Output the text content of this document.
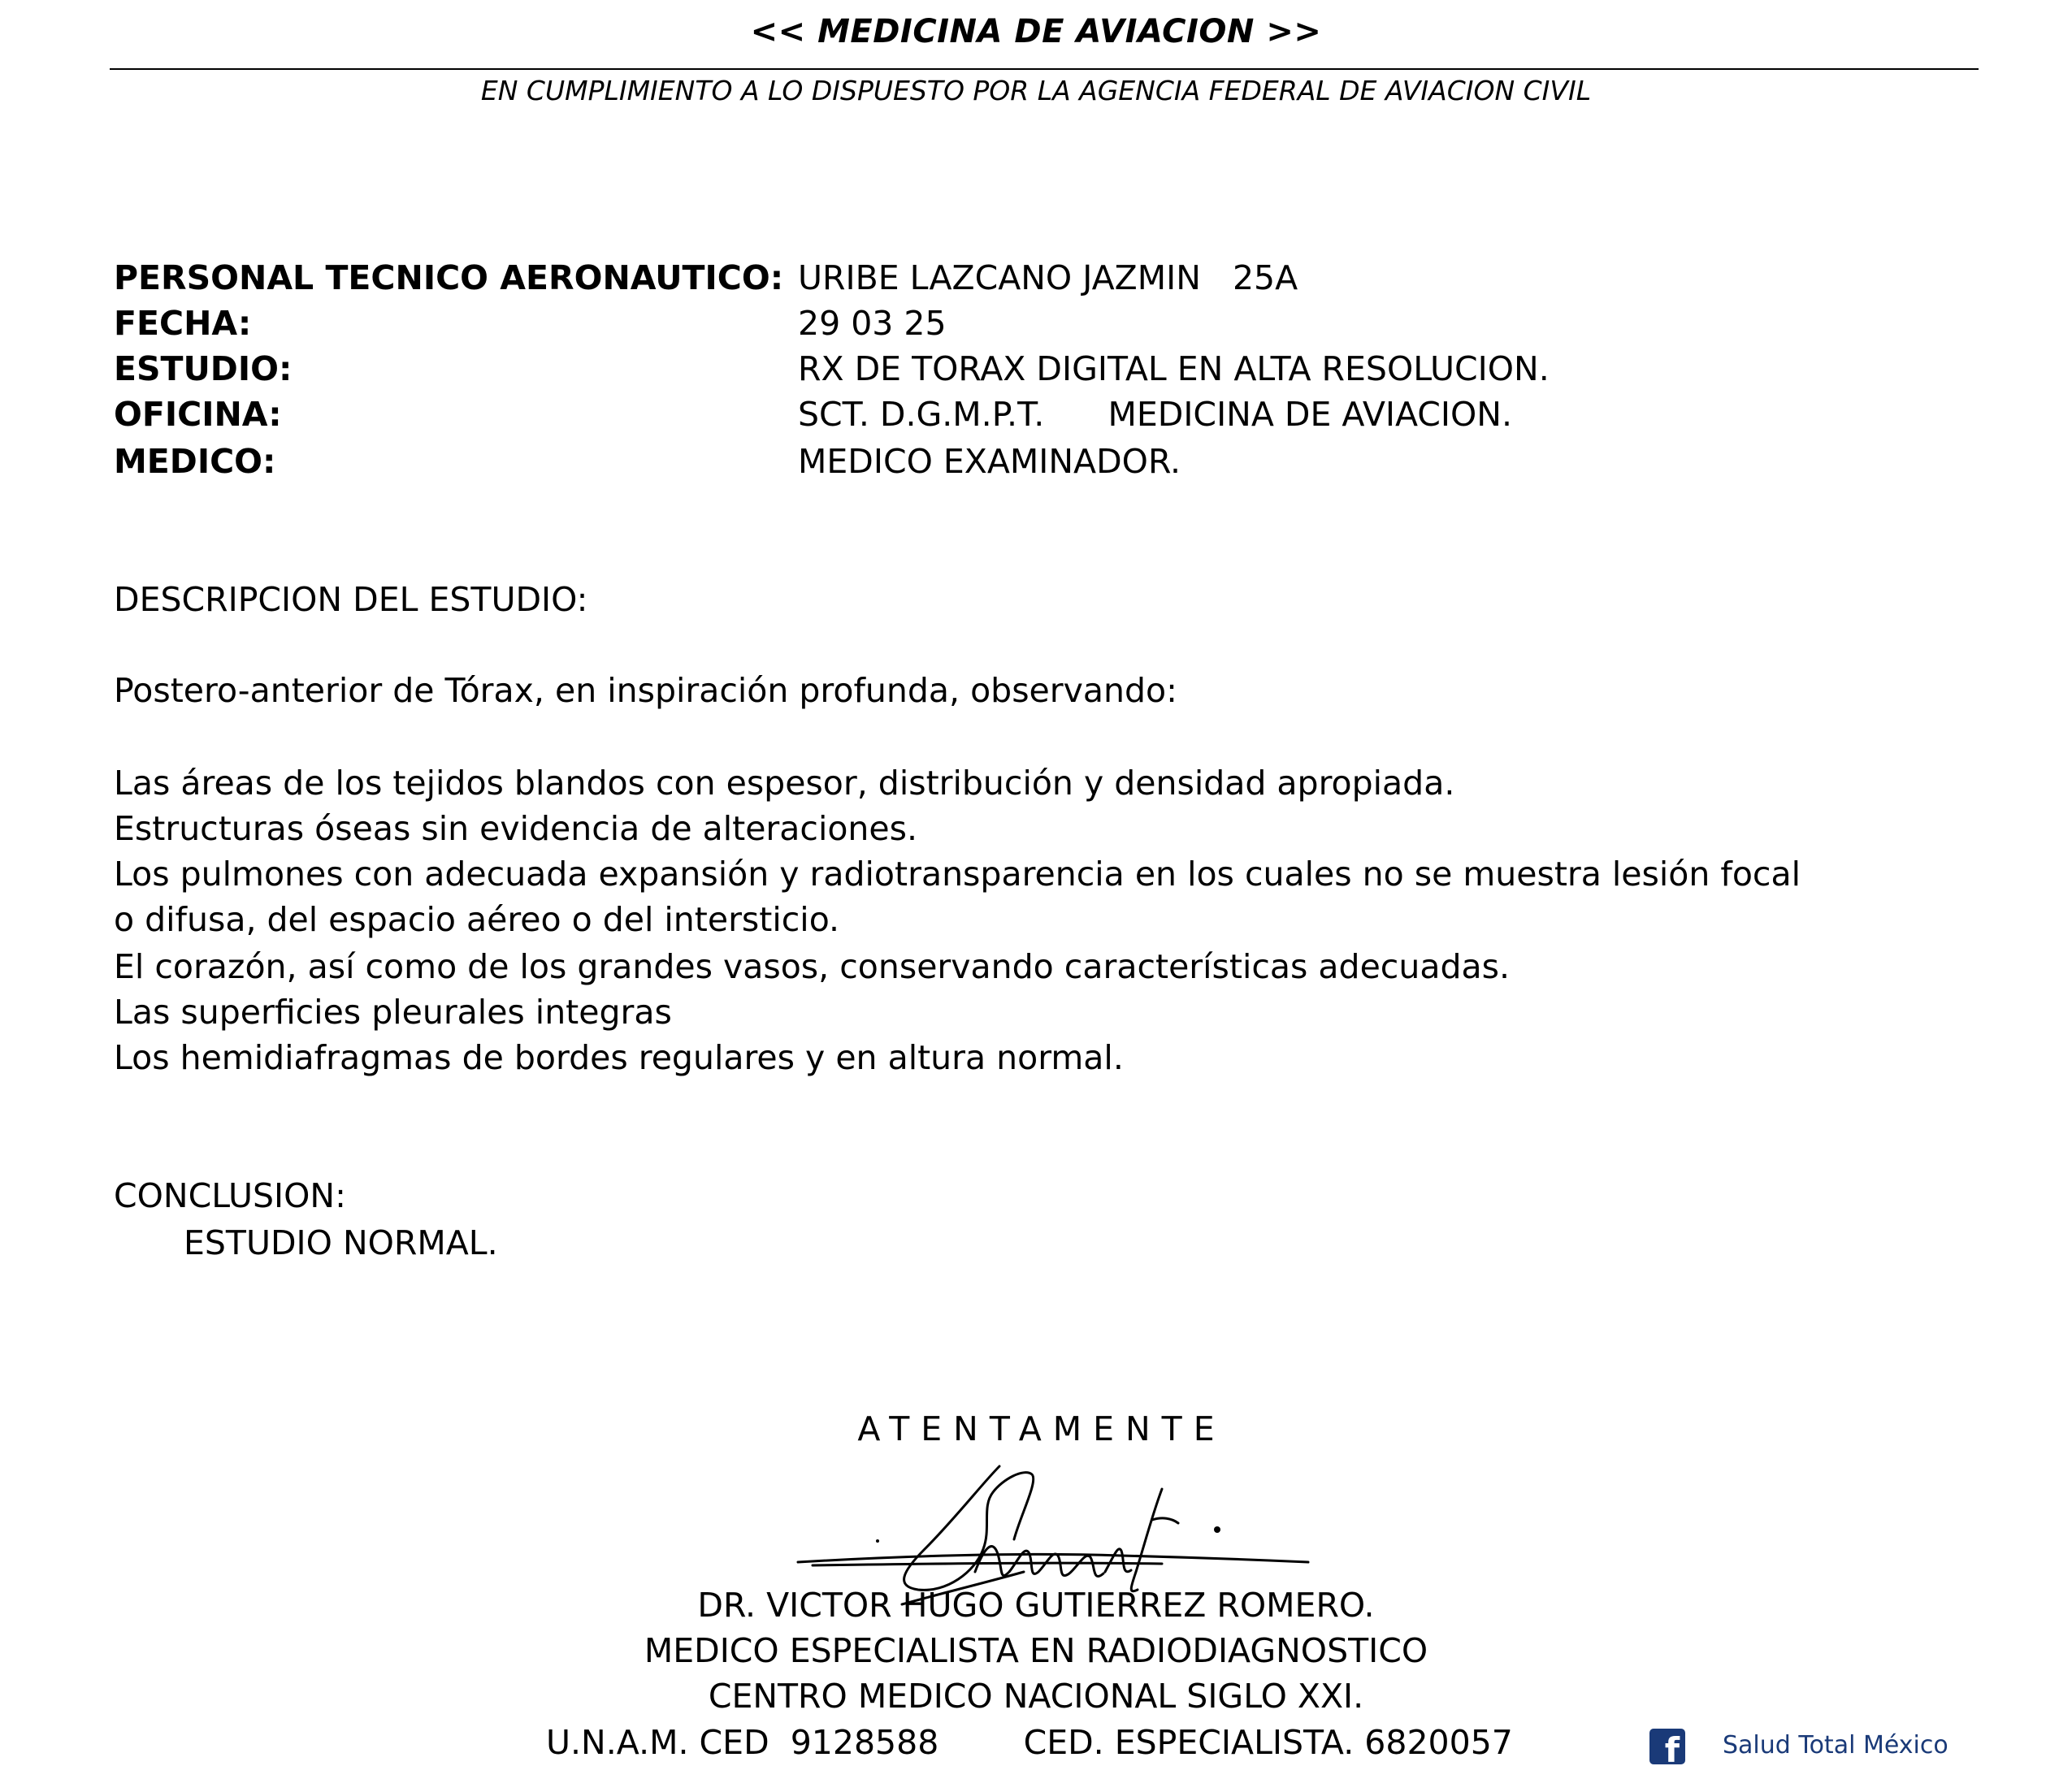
<< MEDICINA DE AVIACION >>
EN CUMPLIMIENTO A LO DISPUESTO POR LA AGENCIA FEDERAL DE AVIACION CIVIL
PERSONAL TECNICO AERONAUTICO: URIBE LAZCANO JAZMIN   25A
FECHA:	29 03 25
ESTUDIO:	RX DE TORAX DIGITAL EN ALTA RESOLUCION.
OFICINA:	SCT. D.G.M.P.T.      MEDICINA DE AVIACION.
MEDICO:	MEDICO EXAMINADOR.
DESCRIPCION DEL ESTUDIO:
Postero-anterior de Tórax, en inspiración profunda, observando:
Las áreas de los tejidos blandos con espesor, distribución y densidad apropiada.
Estructuras óseas sin evidencia de alteraciones.
Los pulmones con adecuada expansión y radiotransparencia en los cuales no se muestra lesión focal
o difusa, del espacio aéreo o del intersticio.
El corazón, así como de los grandes vasos, conservando características adecuadas.
Las superficies pleurales integras
Los hemidiafragmas de bordes regulares y en altura normal.
CONCLUSION:
ESTUDIO NORMAL.
ATENTAMENTE
DR. VICTOR HUGO GUTIERREZ ROMERO.
MEDICO ESPECIALISTA EN RADIODIAGNOSTICO
CENTRO MEDICO NACIONAL SIGLO XXI.
U.N.A.M. CED  9128588        CED. ESPECIALISTA. 6820057	f Salud Total México
